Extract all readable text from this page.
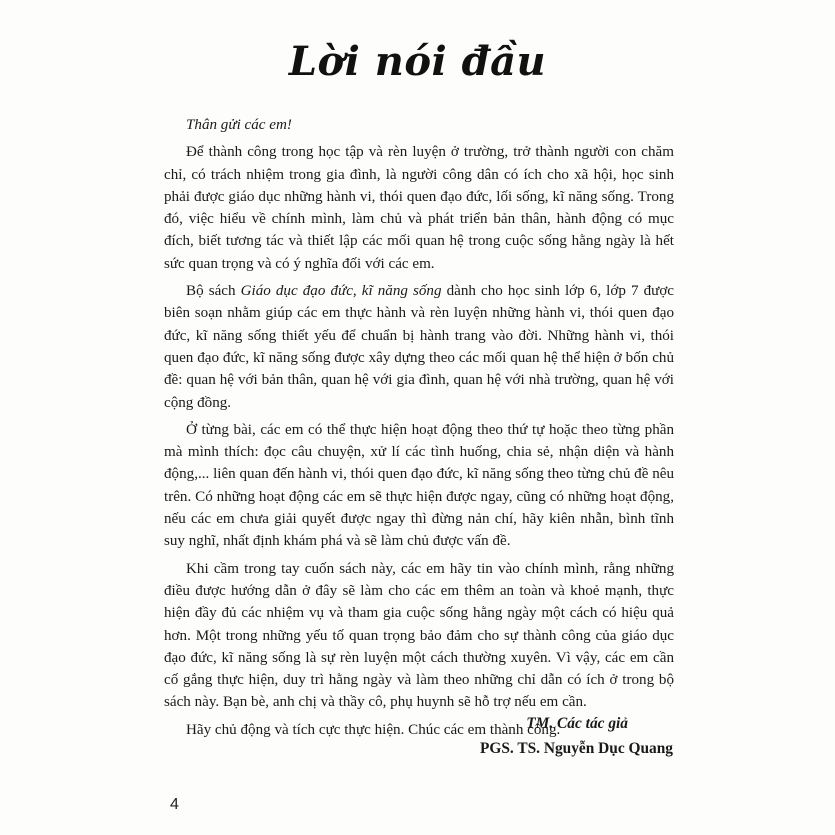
Lời nói đầu

Thân gửi các em!

Để thành công trong học tập và rèn luyện ở trường, trở thành người con chăm chỉ, có trách nhiệm trong gia đình, là người công dân có ích cho xã hội, học sinh phải được giáo dục những hành vi, thói quen đạo đức, lối sống, kĩ năng sống. Trong đó, việc hiểu về chính mình, làm chủ và phát triển bản thân, hành động có mục đích, biết tương tác và thiết lập các mối quan hệ trong cuộc sống hằng ngày là hết sức quan trọng và có ý nghĩa đối với các em.

Bộ sách Giáo dục đạo đức, kĩ năng sống dành cho học sinh lớp 6, lớp 7 được biên soạn nhằm giúp các em thực hành và rèn luyện những hành vi, thói quen đạo đức, kĩ năng sống thiết yếu để chuẩn bị hành trang vào đời. Những hành vi, thói quen đạo đức, kĩ năng sống được xây dựng theo các mối quan hệ thể hiện ở bốn chủ đề: quan hệ với bản thân, quan hệ với gia đình, quan hệ với nhà trường, quan hệ với cộng đồng.

Ở từng bài, các em có thể thực hiện hoạt động theo thứ tự hoặc theo từng phần mà mình thích: đọc câu chuyện, xử lí các tình huống, chia sẻ, nhận diện và hành động,... liên quan đến hành vi, thói quen đạo đức, kĩ năng sống theo từng chủ đề nêu trên. Có những hoạt động các em sẽ thực hiện được ngay, cũng có những hoạt động, nếu các em chưa giải quyết được ngay thì đừng nản chí, hãy kiên nhẫn, bình tĩnh suy nghĩ, nhất định khám phá và sẽ làm chủ được vấn đề.

Khi cầm trong tay cuốn sách này, các em hãy tin vào chính mình, rằng những điều được hướng dẫn ở đây sẽ làm cho các em thêm an toàn và khoẻ mạnh, thực hiện đầy đủ các nhiệm vụ và tham gia cuộc sống hằng ngày một cách có hiệu quả hơn. Một trong những yếu tố quan trọng bảo đảm cho sự thành công của giáo dục đạo đức, kĩ năng sống là sự rèn luyện một cách thường xuyên. Vì vậy, các em cần cố gắng thực hiện, duy trì hằng ngày và làm theo những chỉ dẫn có ích ở trong bộ sách này. Bạn bè, anh chị và thầy cô, phụ huynh sẽ hỗ trợ nếu em cần.

Hãy chủ động và tích cực thực hiện. Chúc các em thành công.

TM. Các tác giả
PGS. TS. Nguyễn Dục Quang
4
